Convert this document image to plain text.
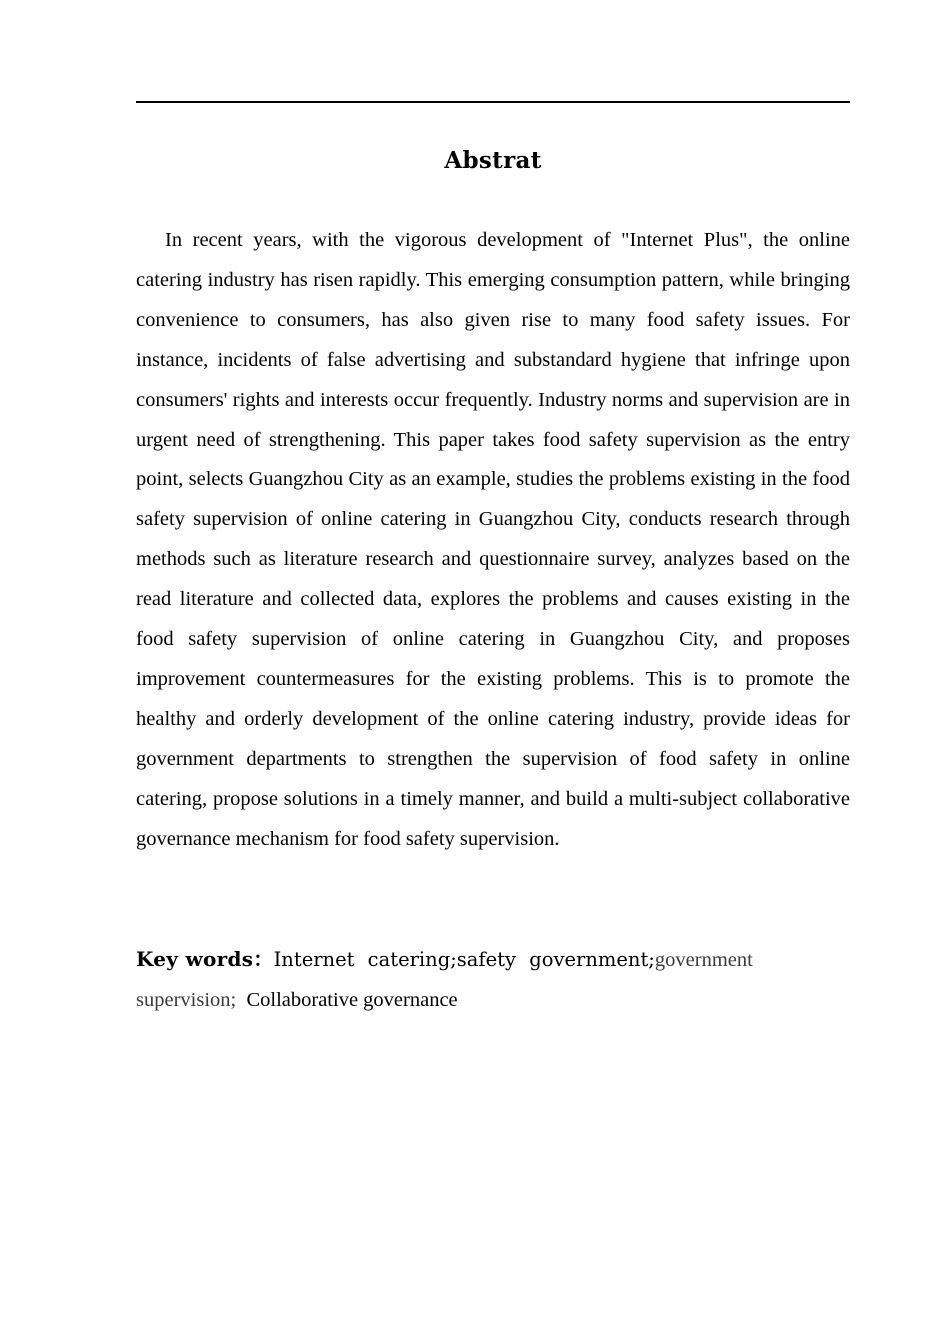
Abstrat

In recent years, with the vigorous development of "Internet Plus", the online catering industry has risen rapidly. This emerging consumption pattern, while bringing convenience to consumers, has also given rise to many food safety issues. For instance, incidents of false advertising and substandard hygiene that infringe upon consumers' rights and interests occur frequently. Industry norms and supervision are in urgent need of strengthening. This paper takes food safety supervision as the entry point, selects Guangzhou City as an example, studies the problems existing in the food safety supervision of online catering in Guangzhou City, conducts research through methods such as literature research and questionnaire survey, analyzes based on the read literature and collected data, explores the problems and causes existing in the food safety supervision of online catering in Guangzhou City, and proposes improvement countermeasures for the existing problems. This is to promote the healthy and orderly development of the online catering industry, provide ideas for government departments to strengthen the supervision of food safety in online catering, propose solutions in a timely manner, and build a multi-subject collaborative governance mechanism for food safety supervision.

Key words：Internet catering;safety government;government
supervision; Collaborative governance
